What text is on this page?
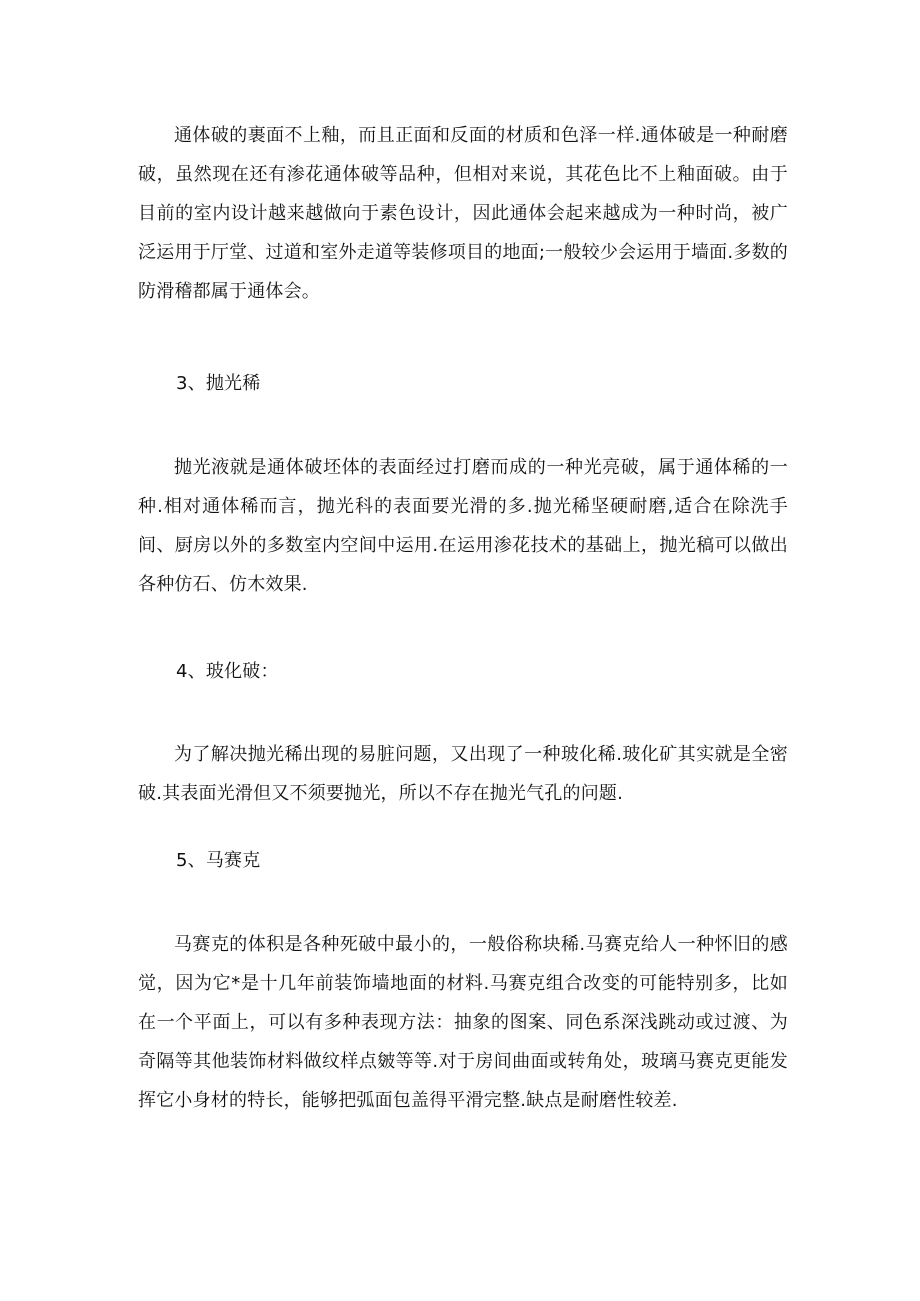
通体破的裹面不上釉，而且正面和反面的材质和色泽一样.通体破是一种耐磨破，虽然现在还有渗花通体破等品种，但相对来说，其花色比不上釉面破。由于目前的室内设计越来越做向于素色设计，因此通体会起来越成为一种时尚，被广泛运用于厅堂、过道和室外走道等装修项目的地面;一般较少会运用于墙面.多数的防滑稽都属于通体会。

3、抛光稀

抛光液就是通体破坯体的表面经过打磨而成的一种光亮破，属于通体稀的一种.相对通体稀而言，抛光科的表面要光滑的多.抛光稀坚硬耐磨,适合在除洗手间、厨房以外的多数室内空间中运用.在运用渗花技术的基础上，抛光稿可以做出各种仿石、仿木效果.

4、玻化破：

为了解决抛光稀出现的易脏问题，又出现了一种玻化稀.玻化矿其实就是全密破.其表面光滑但又不须要抛光，所以不存在抛光气孔的问题.

5、马赛克

马赛克的体积是各种死破中最小的，一般俗称块稀.马赛克给人一种怀旧的感觉，因为它*是十几年前装饰墙地面的材料.马赛克组合改变的可能特别多，比如在一个平面上，可以有多种表现方法：抽象的图案、同色系深浅跳动或过渡、为奇隔等其他装饰材料做纹样点皴等等.对于房间曲面或转角处，玻璃马赛克更能发挥它小身材的特长，能够把弧面包盖得平滑完整.缺点是耐磨性较差.
